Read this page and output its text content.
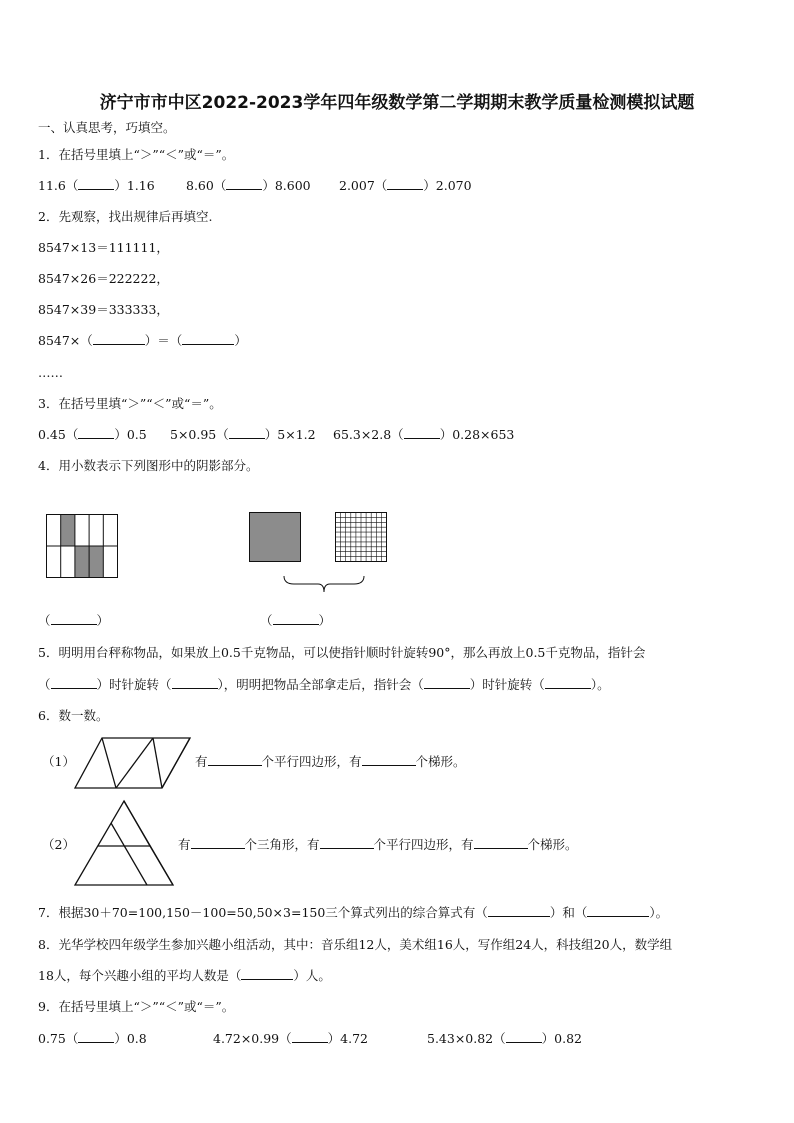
济宁市市中区2022-2023学年四年级数学第二学期期末教学质量检测模拟试题
一、认真思考，巧填空。
1．在括号里填上“＞”“＜”或“＝”。
11.6（	）1.16	8.60（	）8.600 2.007（	）2.070
2．先观察，找出规律后再填空.
8547×13＝111111，
8547×26＝222222，
8547×39＝333333，
8547×（	）＝（	）
……
3．在括号里填“＞”“＜”或“＝”。
0.45（	）0.5 5×0.95（	）5×1.2 65.3×2.8（	）0.28×653
4．用小数表示下列图形中的阴影部分。
（	）	（	）
5．明明用台秤称物品，如果放上0.5千克物品，可以使指针顺时针旋转90°，那么再放上0.5千克物品，指针会
（	）时针旋转（	），明明把物品全部拿走后，指针会（	）时针旋转（	）。
6．数一数。
（1）	有	个平行四边形，有	个梯形。
（2）	有	个三角形，有	个平行四边形，有	个梯形。
7．根据30＋70=100,150－100=50,50×3=150三个算式列出的综合算式有（	）和（	）。
8．光华学校四年级学生参加兴趣小组活动，其中：音乐组12人，美术组16人，写作组24人，科技组20人，数学组
18人，每个兴趣小组的平均人数是（	）人。
9．在括号里填上“＞”“＜”或“＝”。
0.75（	）0.8	4.72×0.99（	）4.72	5.43×0.82（	）0.82
